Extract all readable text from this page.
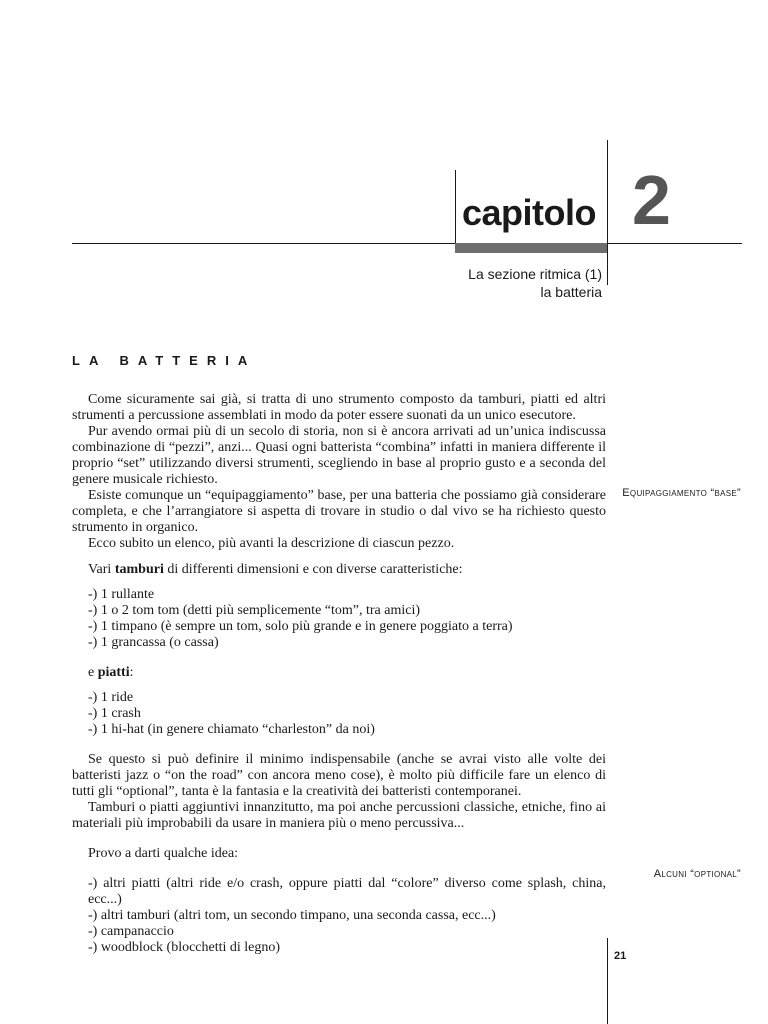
capitolo 2
La sezione ritmica (1)
la batteria
LA BATTERIA

Come sicuramente sai già, si tratta di uno strumento composto da tamburi, piatti ed altri strumenti a percussione assemblati in modo da poter essere suonati da un unico esecutore.

Pur avendo ormai più di un secolo di storia, non si è ancora arrivati ad un’unica indiscussa combinazione di “pezzi”, anzi... Quasi ogni batterista “combina” infatti in maniera differente il proprio “set” utilizzando diversi strumenti, scegliendo in base al proprio gusto e a seconda del genere musicale richiesto.

Esiste comunque un “equipaggiamento” base, per una batteria che possiamo già considerare completa, e che l’arrangiatore si aspetta di trovare in studio o dal vivo se ha richiesto questo strumento in organico.

Ecco subito un elenco, più avanti la descrizione di ciascun pezzo.

Vari tamburi di differenti dimensioni e con diverse caratteristiche:

-) 1 rullante
-) 1 o 2 tom tom (detti più semplicemente “tom”, tra amici)
-) 1 timpano (è sempre un tom, solo più grande e in genere poggiato a terra)
-) 1 grancassa (o cassa)

e piatti:

-) 1 ride
-) 1 crash
-) 1 hi-hat (in genere chiamato “charleston” da noi)

Se questo si può definire il minimo indispensabile (anche se avrai visto alle volte dei batteristi jazz o “on the road” con ancora meno cose), è molto più difficile fare un elenco di tutti gli “optional”, tanta è la fantasia e la creatività dei batteristi contemporanei.

Tamburi o piatti aggiuntivi innanzitutto, ma poi anche percussioni classiche, etniche, fino ai materiali più improbabili da usare in maniera più o meno percussiva...

Provo a darti qualche idea:

-) altri piatti (altri ride e/o crash, oppure piatti dal “colore” diverso come splash, china, ecc...)
-) altri tamburi (altri tom, un secondo timpano, una seconda cassa, ecc...)
-) campanaccio
-) woodblock (blocchetti di legno)
Equipaggiamento “base”
Alcuni “optional”
21
